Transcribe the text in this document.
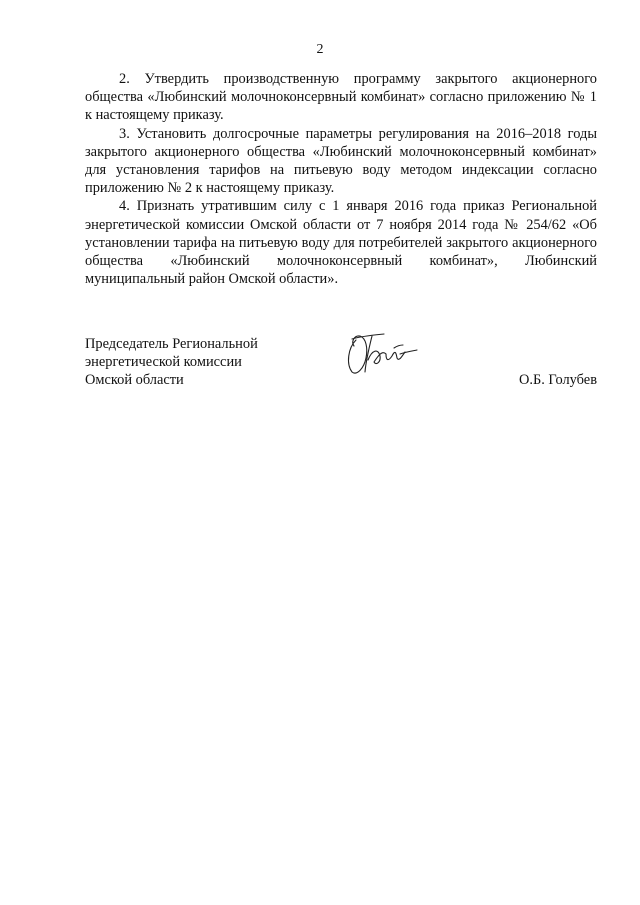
2

2. Утвердить производственную программу закрытого акционерного общества «Любинский молочноконсервный комбинат» согласно приложению № 1 к настоящему приказу.

3. Установить долгосрочные параметры регулирования на 2016–2018 годы закрытого акционерного общества «Любинский молочноконсервный комбинат» для установления тарифов на питьевую воду методом индексации согласно приложению № 2 к настоящему приказу.

4. Признать утратившим силу с 1 января 2016 года приказ Региональной энергетической комиссии Омской области от 7 ноября 2014 года № 254/62 «Об установлении тарифа на питьевую воду для потребителей закрытого акционерного общества «Любинский молочноконсервный комбинат», Любинский муниципальный район Омской области».

Председатель Региональной
энергетической комиссии
Омской области	О.Б. Голубев
